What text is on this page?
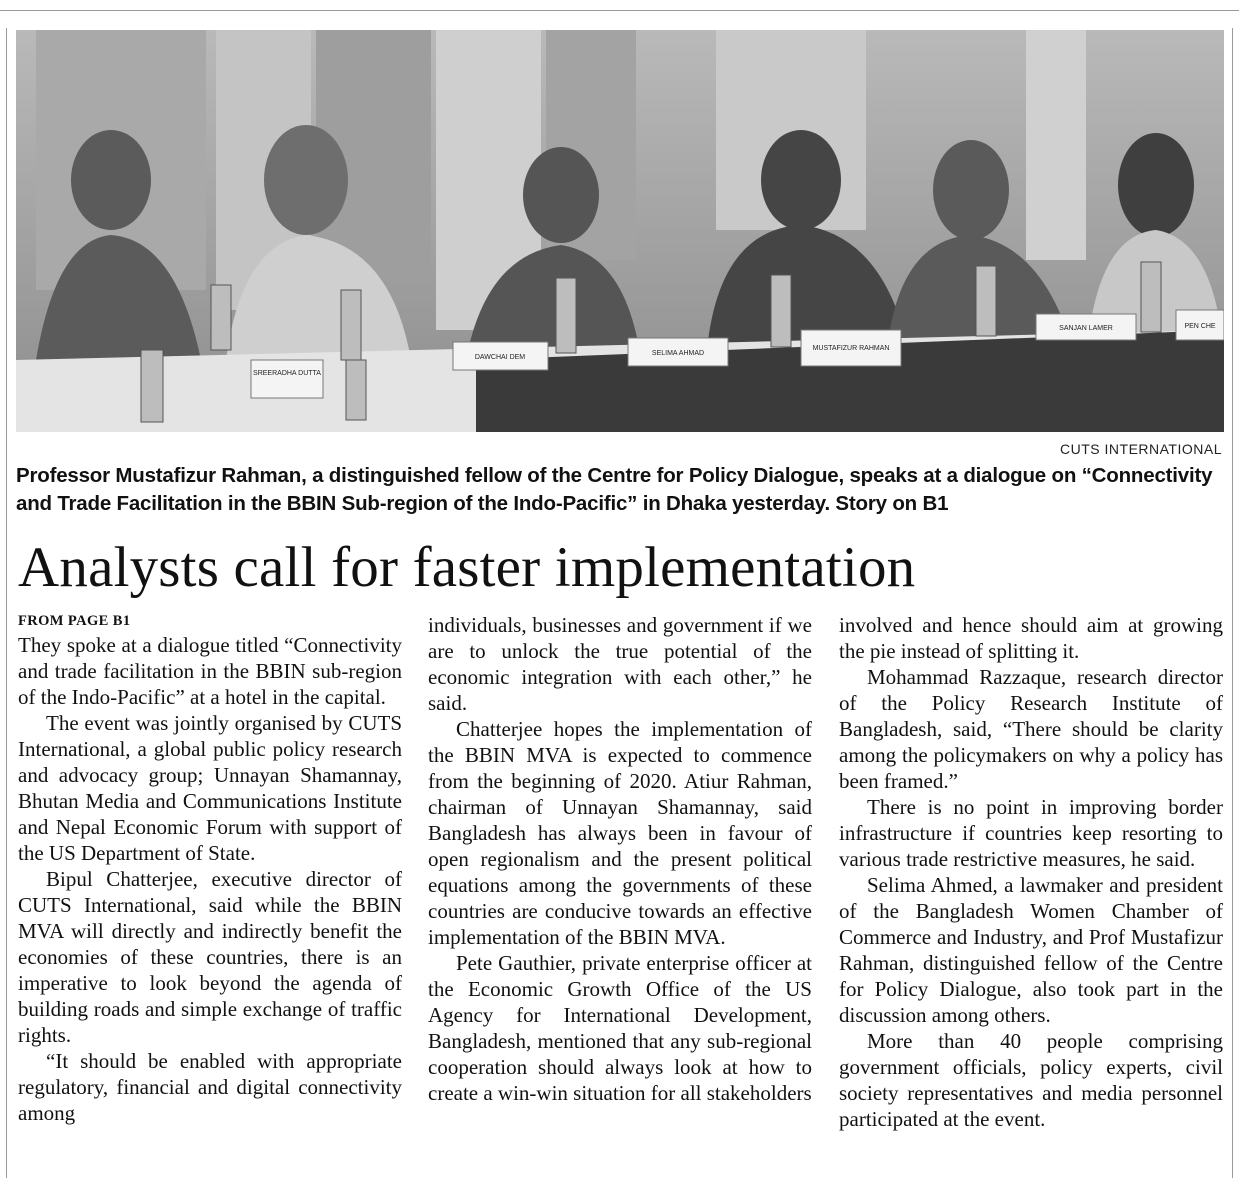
SREERADHA DUTTA
DAWCHAI DEM
SELIMA AHMAD
MUSTAFIZUR RAHMAN
SANJAN LAMER	PEN CHE
CUTS INTERNATIONAL
Professor Mustafizur Rahman, a distinguished fellow of the Centre for Policy Dialogue, speaks at a dialogue on “Connectivity and Trade Facilitation in the BBIN Sub-region of the Indo-Pacific” in Dhaka yesterday. Story on B1
Analysts call for faster implementation
FROM PAGE B1

They spoke at a dialogue titled “Connectivity and trade facilitation in the BBIN sub-region of the Indo-Pacific” at a hotel in the capital.

The event was jointly organised by CUTS International, a global public policy research and advocacy group; Unnayan Shamannay, Bhutan Media and Communications Institute and Nepal Economic Forum with support of the US Department of State.

Bipul Chatterjee, executive director of CUTS International, said while the BBIN MVA will directly and indirectly benefit the economies of these countries, there is an imperative to look beyond the agenda of building roads and simple exchange of traffic rights.

“It should be enabled with appropriate regulatory, financial and digital connectivity among

individuals, businesses and government if we are to unlock the true potential of the economic integration with each other,” he said.

Chatterjee hopes the implementation of the BBIN MVA is expected to commence from the beginning of 2020. Atiur Rahman, chairman of Unnayan Shamannay, said Bangladesh has always been in favour of open regionalism and the present political equations among the governments of these countries are conducive towards an effective implementation of the BBIN MVA.

Pete Gauthier, private enterprise officer at the Economic Growth Office of the US Agency for International Development, Bangladesh, mentioned that any sub-regional cooperation should always look at how to create a win-win situation for all stakeholders

involved and hence should aim at growing the pie instead of splitting it.

Mohammad Razzaque, research director of the Policy Research Institute of Bangladesh, said, “There should be clarity among the policymakers on why a policy has been framed.”

There is no point in improving border infrastructure if countries keep resorting to various trade restrictive measures, he said.

Selima Ahmed, a lawmaker and president of the Bangladesh Women Chamber of Commerce and Industry, and Prof Mustafizur Rahman, distinguished fellow of the Centre for Policy Dialogue, also took part in the discussion among others.

More than 40 people comprising government officials, policy experts, civil society representatives and media personnel participated at the event.
